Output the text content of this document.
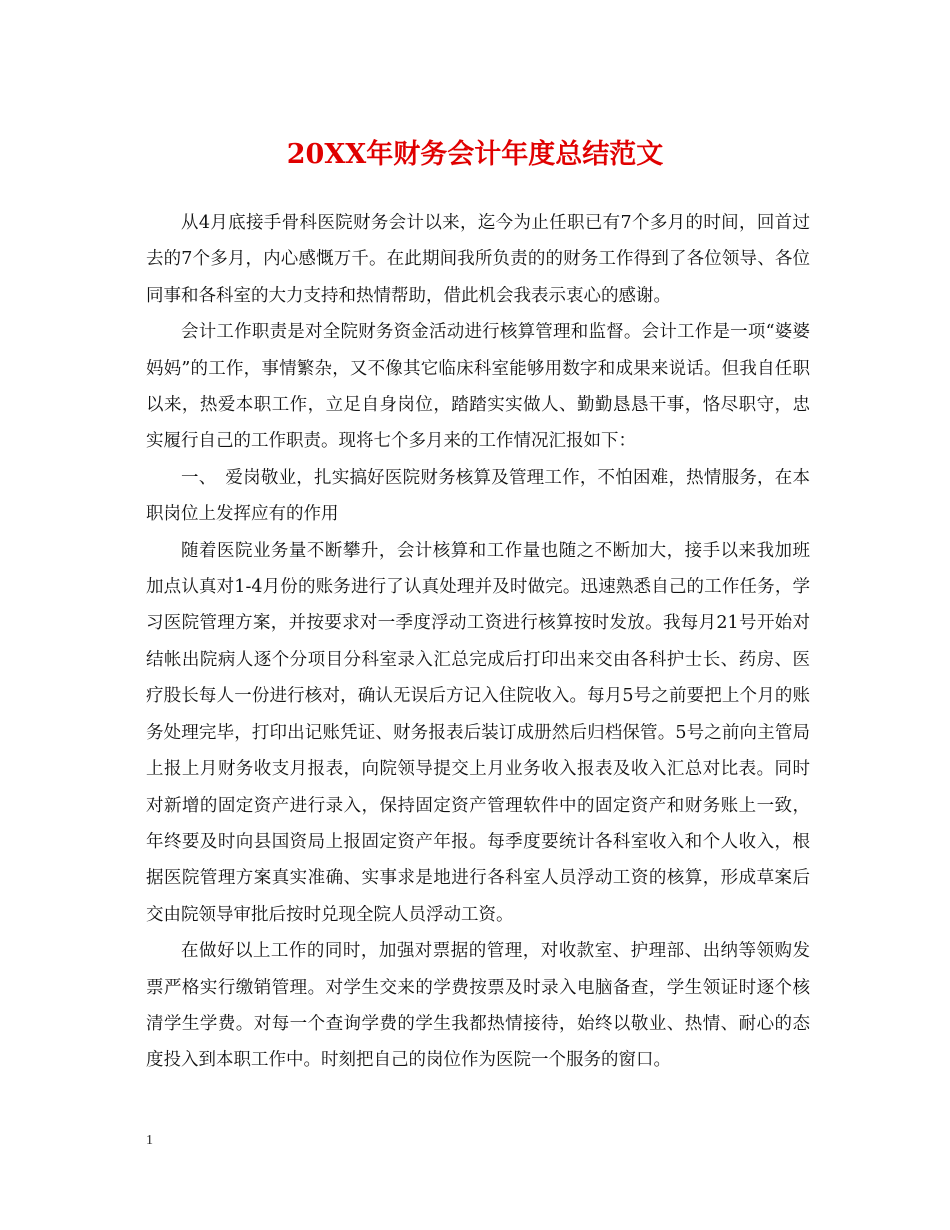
20XX年财务会计年度总结范文

从4月底接手骨科医院财务会计以来，迄今为止任职已有7个多月的时间，回首过去的7个多月，内心感慨万千。在此期间我所负责的的财务工作得到了各位领导、各位同事和各科室的大力支持和热情帮助，借此机会我表示衷心的感谢。

会计工作职责是对全院财务资金活动进行核算管理和监督。会计工作是一项“婆婆妈妈”的工作，事情繁杂，又不像其它临床科室能够用数字和成果来说话。但我自任职以来，热爱本职工作，立足自身岗位，踏踏实实做人、勤勤恳恳干事，恪尽职守，忠实履行自己的工作职责。现将七个多月来的工作情况汇报如下：

一、　爱岗敬业，扎实搞好医院财务核算及管理工作，不怕困难，热情服务，在本职岗位上发挥应有的作用

随着医院业务量不断攀升，会计核算和工作量也随之不断加大，接手以来我加班加点认真对1-4月份的账务进行了认真处理并及时做完。迅速熟悉自己的工作任务，学习医院管理方案，并按要求对一季度浮动工资进行核算按时发放。我每月21号开始对结帐出院病人逐个分项目分科室录入汇总完成后打印出来交由各科护士长、药房、医疗股长每人一份进行核对，确认无误后方记入住院收入。每月5号之前要把上个月的账务处理完毕，打印出记账凭证、财务报表后装订成册然后归档保管。5号之前向主管局上报上月财务收支月报表，向院领导提交上月业务收入报表及收入汇总对比表。同时对新增的固定资产进行录入，保持固定资产管理软件中的固定资产和财务账上一致，年终要及时向县国资局上报固定资产年报。每季度要统计各科室收入和个人收入，根据医院管理方案真实准确、实事求是地进行各科室人员浮动工资的核算，形成草案后交由院领导审批后按时兑现全院人员浮动工资。

在做好以上工作的同时，加强对票据的管理，对收款室、护理部、出纳等领购发票严格实行缴销管理。对学生交来的学费按票及时录入电脑备查，学生领证时逐个核清学生学费。对每一个查询学费的学生我都热情接待，始终以敬业、热情、耐心的态度投入到本职工作中。时刻把自己的岗位作为医院一个服务的窗口。

1
